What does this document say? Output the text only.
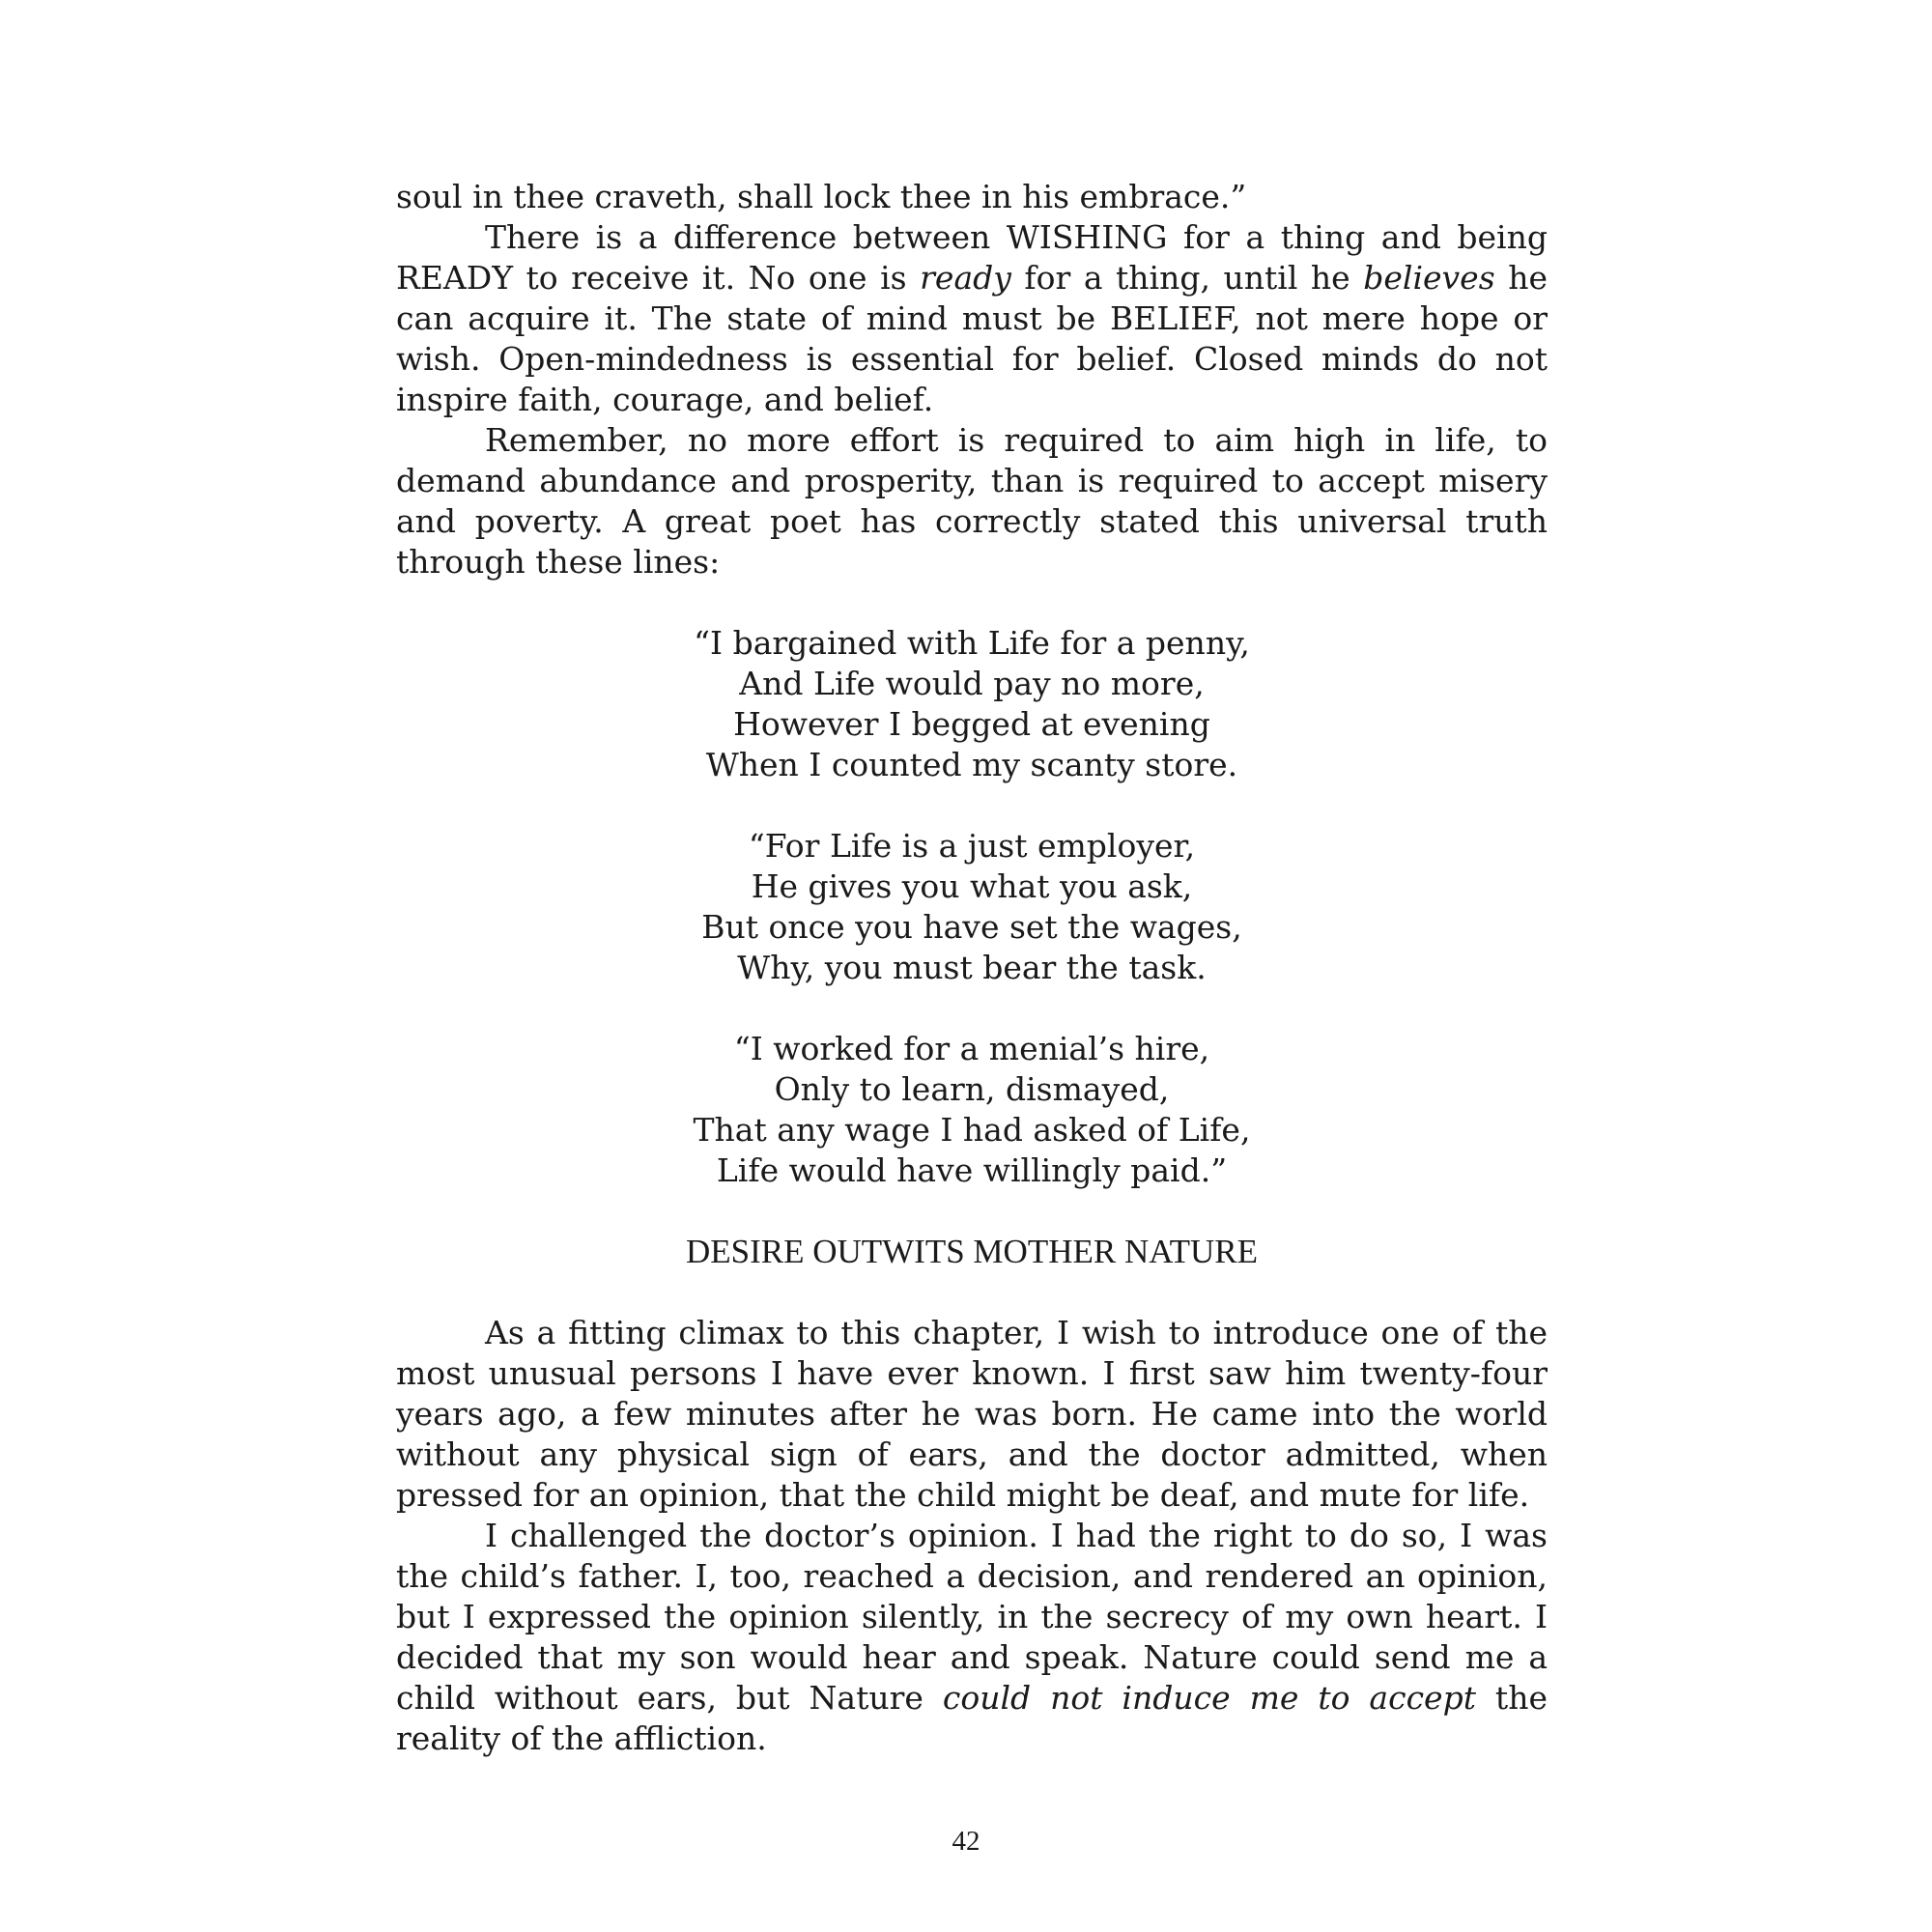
soul in thee craveth, shall lock thee in his embrace.”

There is a difference between WISHING for a thing and being READY to receive it. No one is ready for a thing, until he believes he can acquire it. The state of mind must be BELIEF, not mere hope or wish. Open-mindedness is essential for belief. Closed minds do not inspire faith, courage, and belief.

Remember, no more effort is required to aim high in life, to demand abundance and prosperity, than is required to accept misery and poverty. A great poet has correctly stated this universal truth through these lines:

“I bargained with Life for a penny,
And Life would pay no more,
However I begged at evening
When I counted my scanty store.
“For Life is a just employer,
He gives you what you ask,
But once you have set the wages,
Why, you must bear the task.
“I worked for a menial’s hire,
Only to learn, dismayed,
That any wage I had asked of Life,
Life would have willingly paid.”
DESIRE OUTWITS MOTHER NATURE

As a fitting climax to this chapter, I wish to introduce one of the most unusual persons I have ever known. I first saw him twenty-four years ago, a few minutes after he was born. He came into the world without any physical sign of ears, and the doctor admitted, when pressed for an opinion, that the child might be deaf, and mute for life.

I challenged the doctor’s opinion. I had the right to do so, I was the child’s father. I, too, reached a decision, and rendered an opinion, but I expressed the opinion silently, in the secrecy of my own heart. I decided that my son would hear and speak. Nature could send me a child without ears, but Nature could not induce me to accept the reality of the affliction.

42
